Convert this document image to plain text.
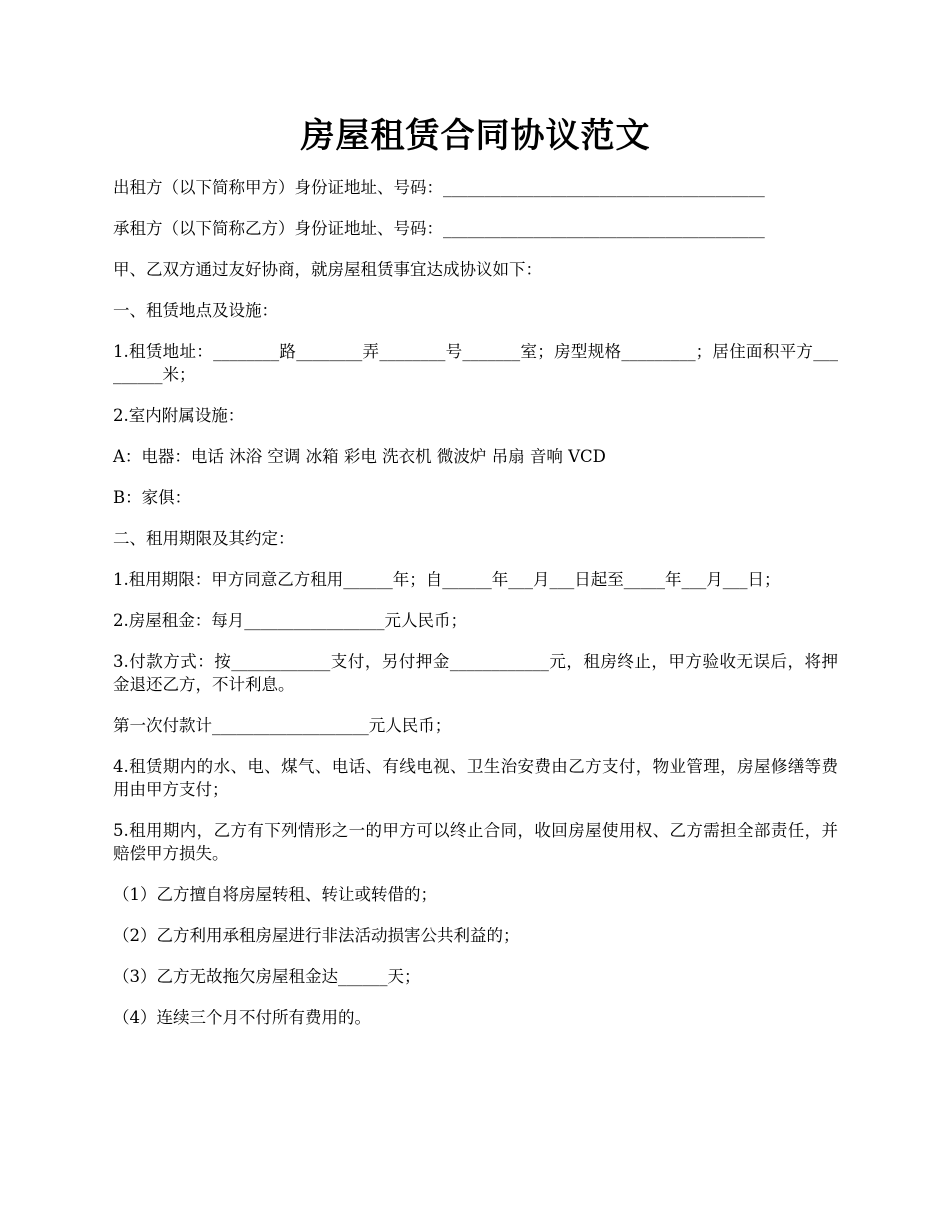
房屋租赁合同协议范文

出租方（以下简称甲方）身份证地址、号码：_______________________________________

承租方（以下简称乙方）身份证地址、号码：_______________________________________

甲、乙双方通过友好协商，就房屋租赁事宜达成协议如下：

一、租赁地点及设施：

1.租赁地址：________路________弄________号_______室；房型规格_________；居住面积平方_________米；

2.室内附属设施：

A：电器：电话 沐浴 空调 冰箱 彩电 洗衣机 微波炉 吊扇 音响 VCD

B：家俱：

二、租用期限及其约定：

1.租用期限：甲方同意乙方租用______年；自______年___月___日起至_____年___月___日；

2.房屋租金：每月_________________元人民币；

3.付款方式：按____________支付，另付押金____________元，租房终止，甲方验收无误后，将押金退还乙方，不计利息。

第一次付款计___________________元人民币；

4.租赁期内的水、电、煤气、电话、有线电视、卫生治安费由乙方支付，物业管理，房屋修缮等费用由甲方支付；

5.租用期内，乙方有下列情形之一的甲方可以终止合同，收回房屋使用权、乙方需担全部责任，并赔偿甲方损失。

（1）乙方擅自将房屋转租、转让或转借的；

（2）乙方利用承租房屋进行非法活动损害公共利益的；

（3）乙方无故拖欠房屋租金达______天；

（4）连续三个月不付所有费用的。
